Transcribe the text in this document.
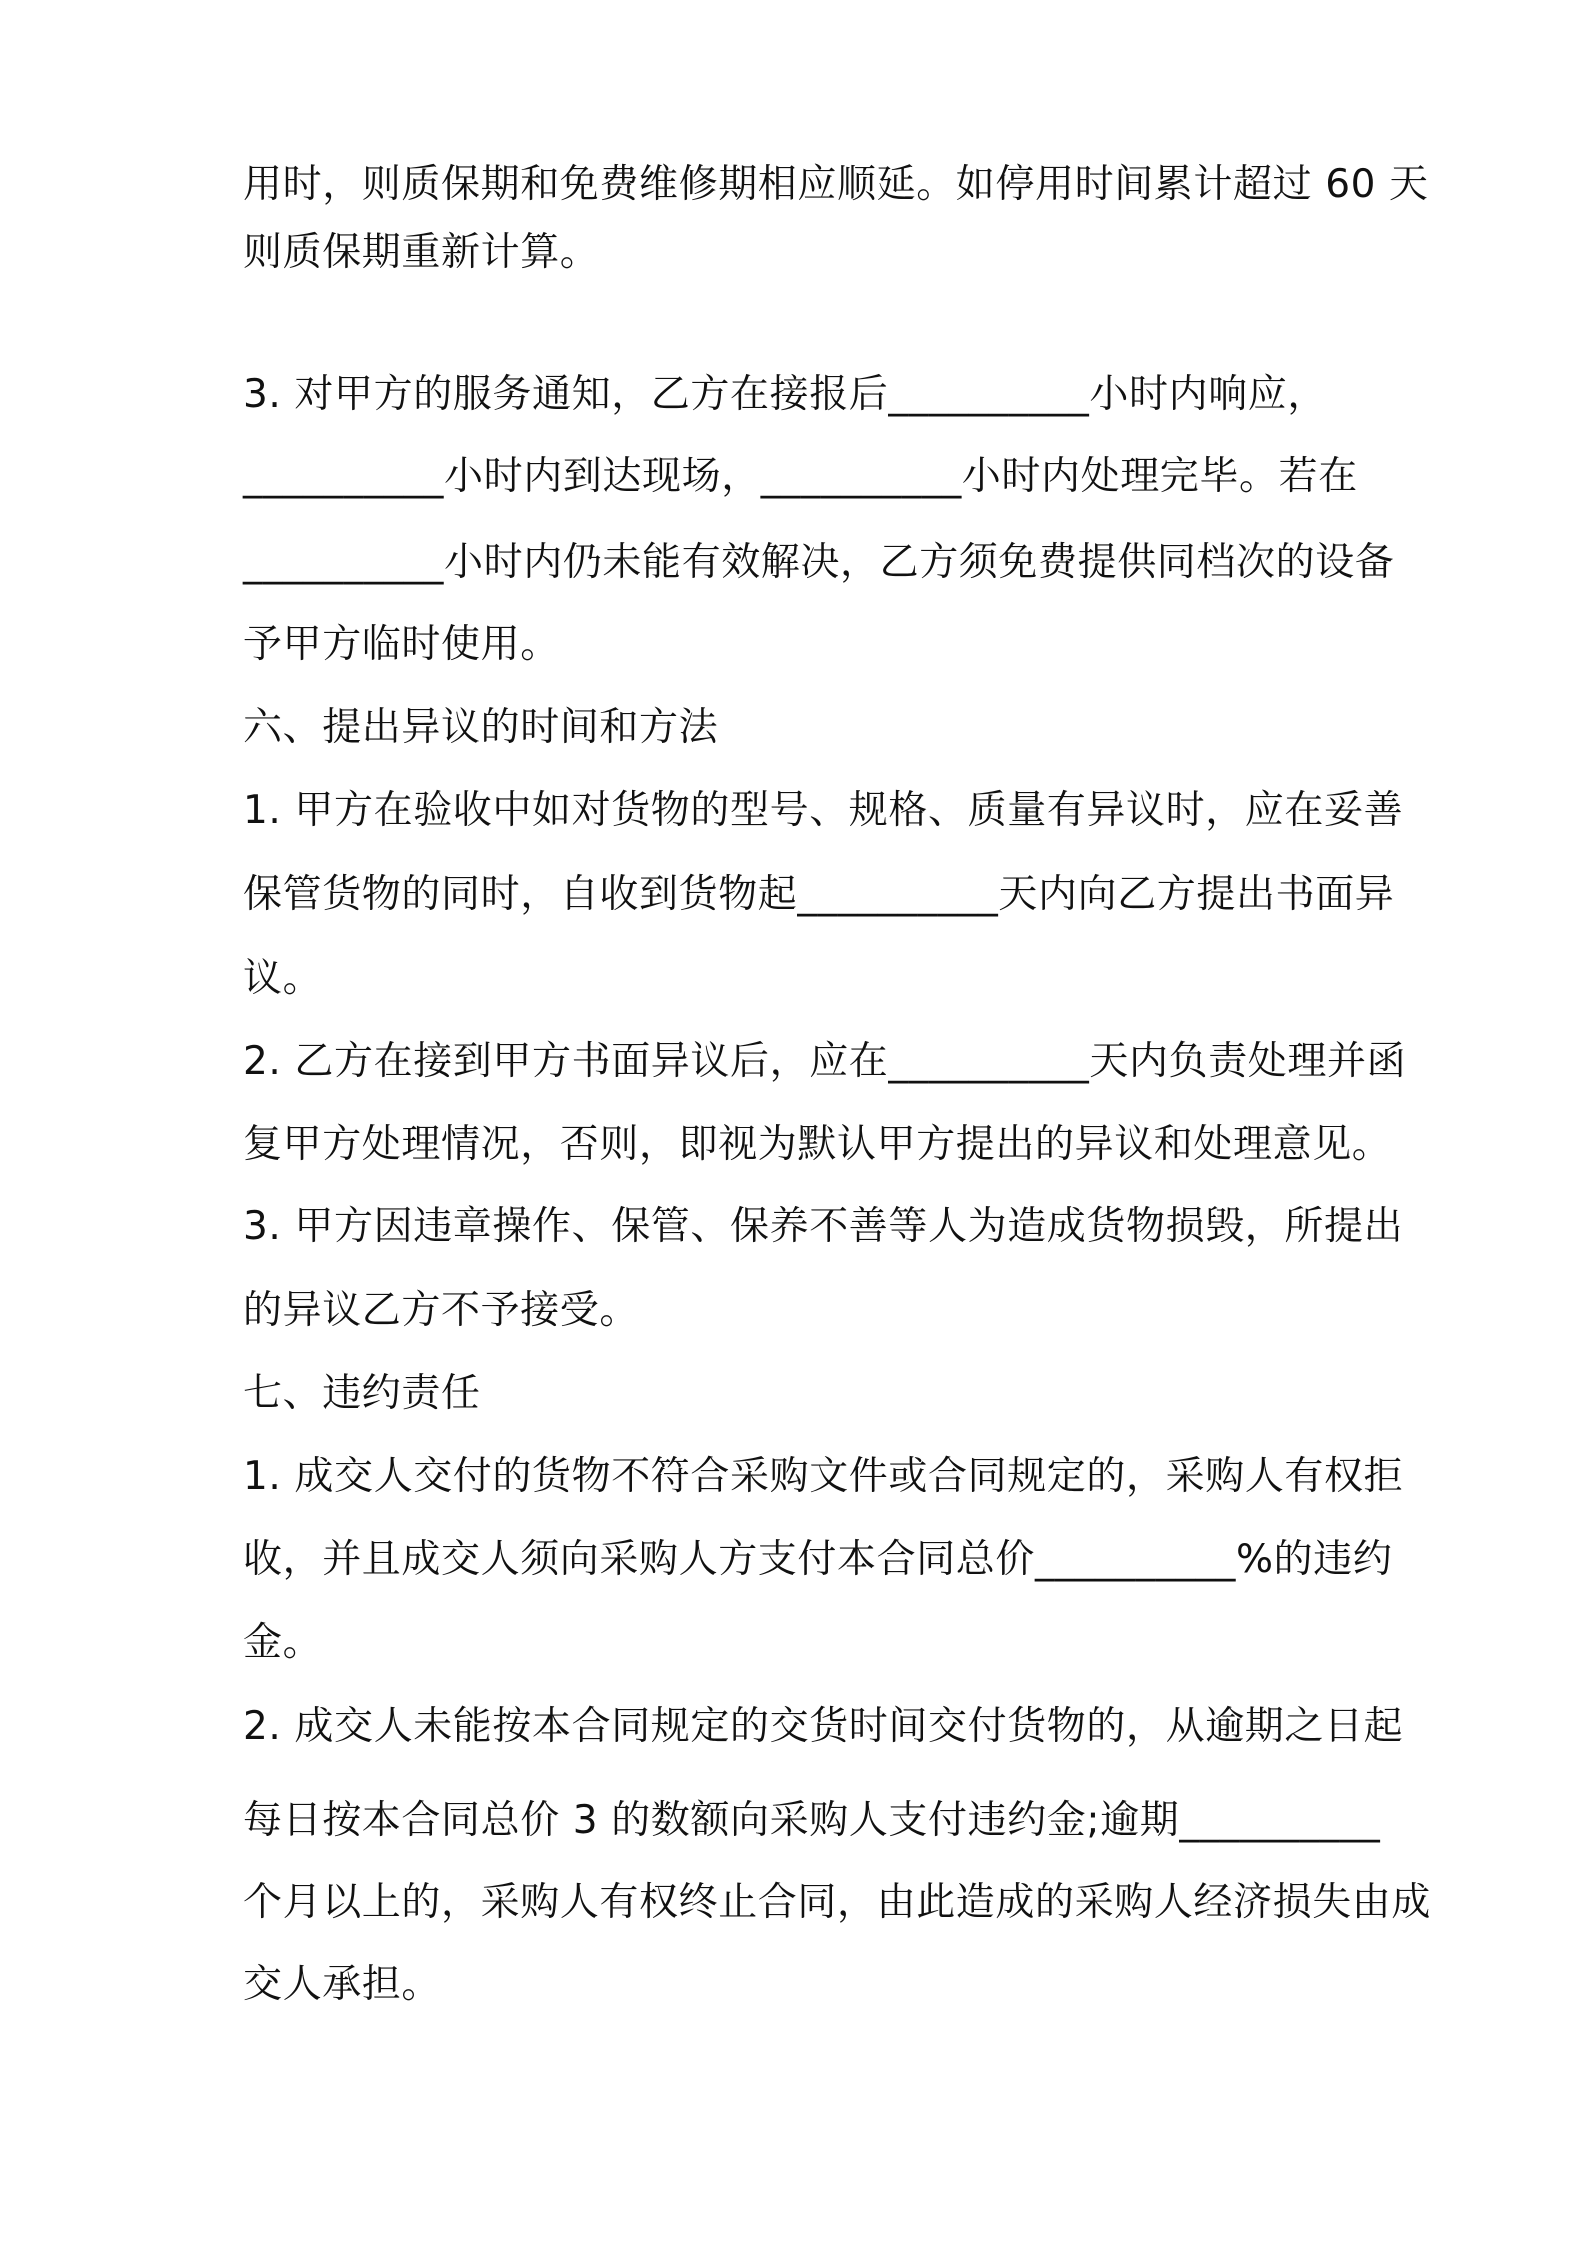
用时，则质保期和免费维修期相应顺延。如停用时间累计超过 60 天
则质保期重新计算。
3. 对甲方的服务通知，乙方在接报后__________小时内响应，
__________小时内到达现场，__________小时内处理完毕。若在
__________小时内仍未能有效解决，乙方须免费提供同档次的设备
予甲方临时使用。
六、提出异议的时间和方法
1. 甲方在验收中如对货物的型号、规格、质量有异议时，应在妥善
保管货物的同时，自收到货物起__________天内向乙方提出书面异
议。
2. 乙方在接到甲方书面异议后，应在__________天内负责处理并函
复甲方处理情况，否则，即视为默认甲方提出的异议和处理意见。
3. 甲方因违章操作、保管、保养不善等人为造成货物损毁，所提出
的异议乙方不予接受。
七、违约责任
1. 成交人交付的货物不符合采购文件或合同规定的，采购人有权拒
收，并且成交人须向采购人方支付本合同总价__________%的违约
金。
2. 成交人未能按本合同规定的交货时间交付货物的，从逾期之日起
每日按本合同总价 3 的数额向采购人支付违约金;逾期__________
个月以上的，采购人有权终止合同，由此造成的采购人经济损失由成
交人承担。
